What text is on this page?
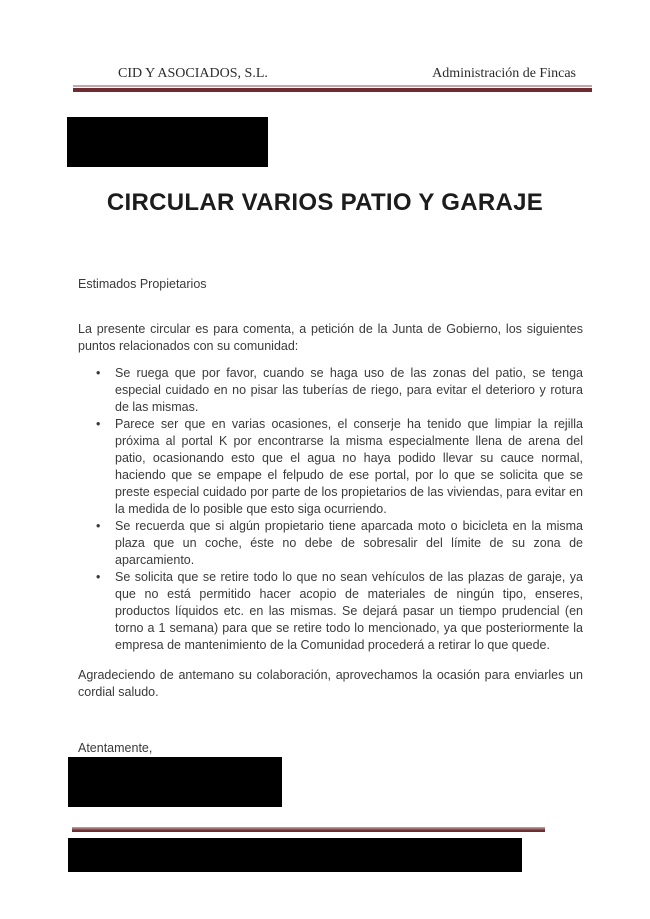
CID Y ASOCIADOS, S.L.	Administración de Fincas
CIRCULAR VARIOS PATIO Y GARAJE

Estimados Propietarios

La presente circular es para comenta, a petición de la Junta de Gobierno, los siguientes puntos relacionados con su comunidad:

• Se ruega que por favor, cuando se haga uso de las zonas del patio, se tenga especial cuidado en no pisar las tuberías de riego, para evitar el deterioro y rotura de las mismas.
• Parece ser que en varias ocasiones, el conserje ha tenido que limpiar la rejilla próxima al portal K por encontrarse la misma especialmente llena de arena del patio, ocasionando esto que el agua no haya podido llevar su cauce normal, haciendo que se empape el felpudo de ese portal, por lo que se solicita que se preste especial cuidado por parte de los propietarios de las viviendas, para evitar en la medida de lo posible que esto siga ocurriendo.
• Se recuerda que si algún propietario tiene aparcada moto o bicicleta en la misma plaza que un coche, éste no debe de sobresalir del límite de su zona de aparcamiento.
• Se solicita que se retire todo lo que no sean vehículos de las plazas de garaje, ya que no está permitido hacer acopio de materiales de ningún tipo, enseres, productos líquidos etc. en las mismas. Se dejará pasar un tiempo prudencial (en torno a 1 semana) para que se retire todo lo mencionado, ya que posteriormente la empresa de mantenimiento de la Comunidad procederá a retirar lo que quede.

Agradeciendo de antemano su colaboración, aprovechamos la ocasión para enviarles un cordial saludo.

Atentamente,
